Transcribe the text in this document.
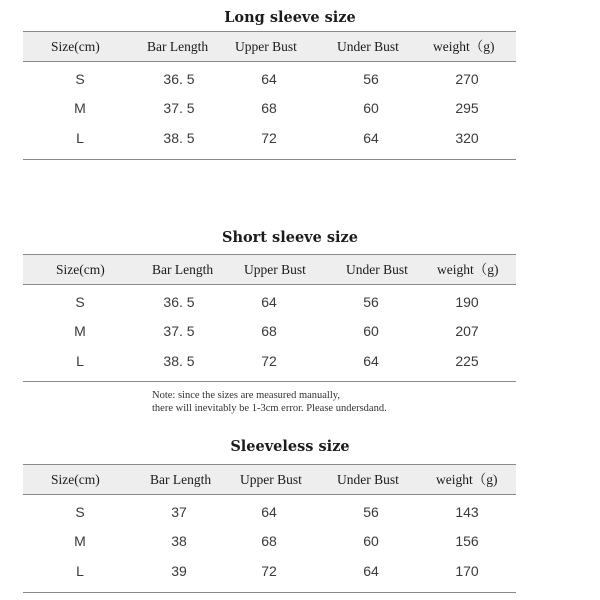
Long sleeve size
Size(cm)	Bar Length	Upper Bust	Under Bust	weight（g)
S	36. 5	64	56	270
M	37. 5	68	60	295
L	38. 5	72	64	320
Short sleeve size
Size(cm)	Bar Length	Upper Bust	Under Bust	weight（g)
S	36. 5	64	56	190
M	37. 5	68	60	207
L	38. 5	72	64	225
Note: since the sizes are measured manually,
there will inevitably be 1-3cm error. Please undersdand.
Sleeveless size
Size(cm)	Bar Length	Upper Bust	Under Bust	weight（g)
S	37	64	56	143
M	38	68	60	156
L	39	72	64	170
